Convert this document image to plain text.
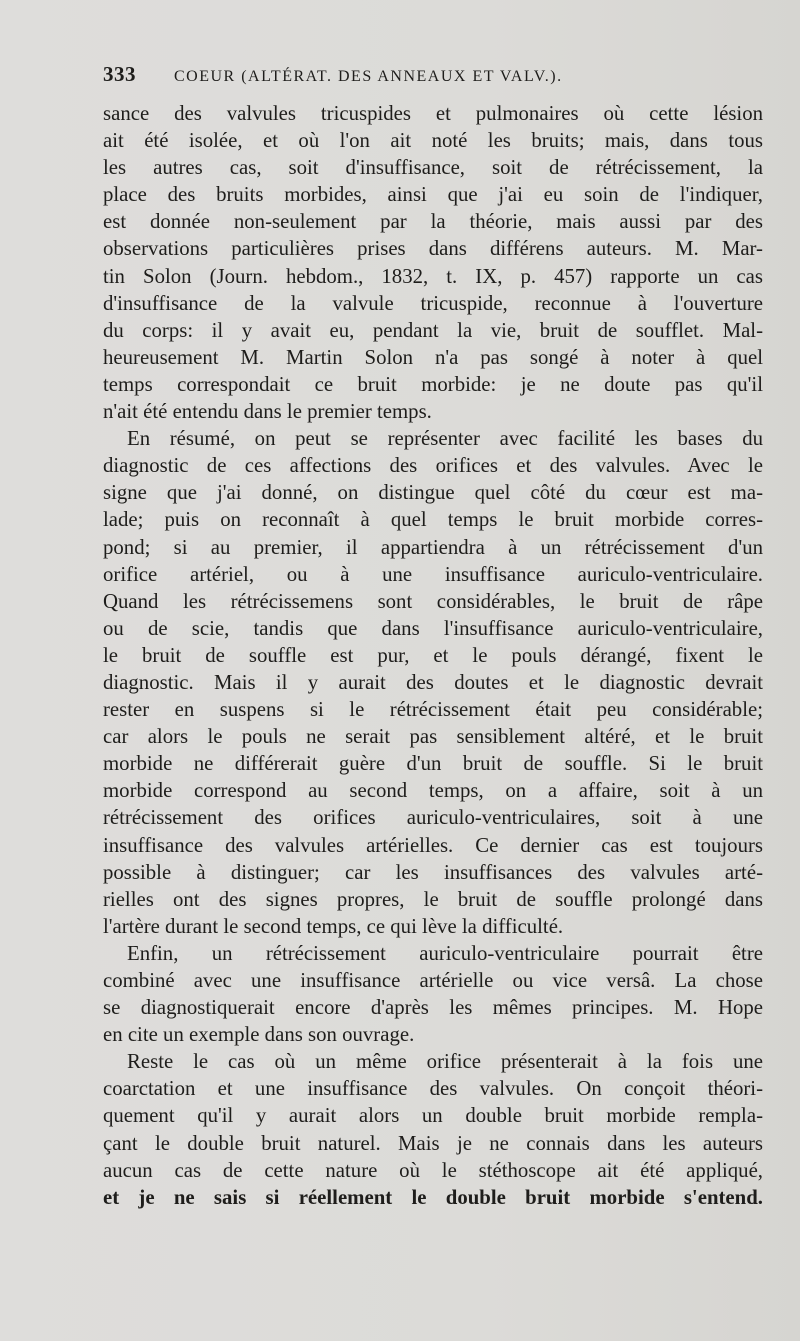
333 COEUR (ALTÉRAT. DES ANNEAUX ET VALV.).
sance des valvules tricuspides et pulmonaires où cette lésion
ait été isolée, et où l'on ait noté les bruits; mais, dans tous
les autres cas, soit d'insuffisance, soit de rétrécissement, la
place des bruits morbides, ainsi que j'ai eu soin de l'indiquer,
est donnée non-seulement par la théorie, mais aussi par des
observations particulières prises dans différens auteurs. M. Mar-
tin Solon (Journ. hebdom., 1832, t. IX, p. 457) rapporte un cas
d'insuffisance de la valvule tricuspide, reconnue à l'ouverture
du corps: il y avait eu, pendant la vie, bruit de soufflet. Mal-
heureusement M. Martin Solon n'a pas songé à noter à quel
temps correspondait ce bruit morbide: je ne doute pas qu'il
n'ait été entendu dans le premier temps.
En résumé, on peut se représenter avec facilité les bases du
diagnostic de ces affections des orifices et des valvules. Avec le
signe que j'ai donné, on distingue quel côté du cœur est ma-
lade; puis on reconnaît à quel temps le bruit morbide corres-
pond; si au premier, il appartiendra à un rétrécissement d'un
orifice artériel, ou à une insuffisance auriculo-ventriculaire.
Quand les rétrécissemens sont considérables, le bruit de râpe
ou de scie, tandis que dans l'insuffisance auriculo-ventriculaire,
le bruit de souffle est pur, et le pouls dérangé, fixent le
diagnostic. Mais il y aurait des doutes et le diagnostic devrait
rester en suspens si le rétrécissement était peu considérable;
car alors le pouls ne serait pas sensiblement altéré, et le bruit
morbide ne différerait guère d'un bruit de souffle. Si le bruit
morbide correspond au second temps, on a affaire, soit à un
rétrécissement des orifices auriculo-ventriculaires, soit à une
insuffisance des valvules artérielles. Ce dernier cas est toujours
possible à distinguer; car les insuffisances des valvules arté-
rielles ont des signes propres, le bruit de souffle prolongé dans
l'artère durant le second temps, ce qui lève la difficulté.
Enfin, un rétrécissement auriculo-ventriculaire pourrait être
combiné avec une insuffisance artérielle ou vice versâ. La chose
se diagnostiquerait encore d'après les mêmes principes. M. Hope
en cite un exemple dans son ouvrage.
Reste le cas où un même orifice présenterait à la fois une
coarctation et une insuffisance des valvules. On conçoit théori-
quement qu'il y aurait alors un double bruit morbide rempla-
çant le double bruit naturel. Mais je ne connais dans les auteurs
aucun cas de cette nature où le stéthoscope ait été appliqué,
et je ne sais si réellement le double bruit morbide s'entend.
